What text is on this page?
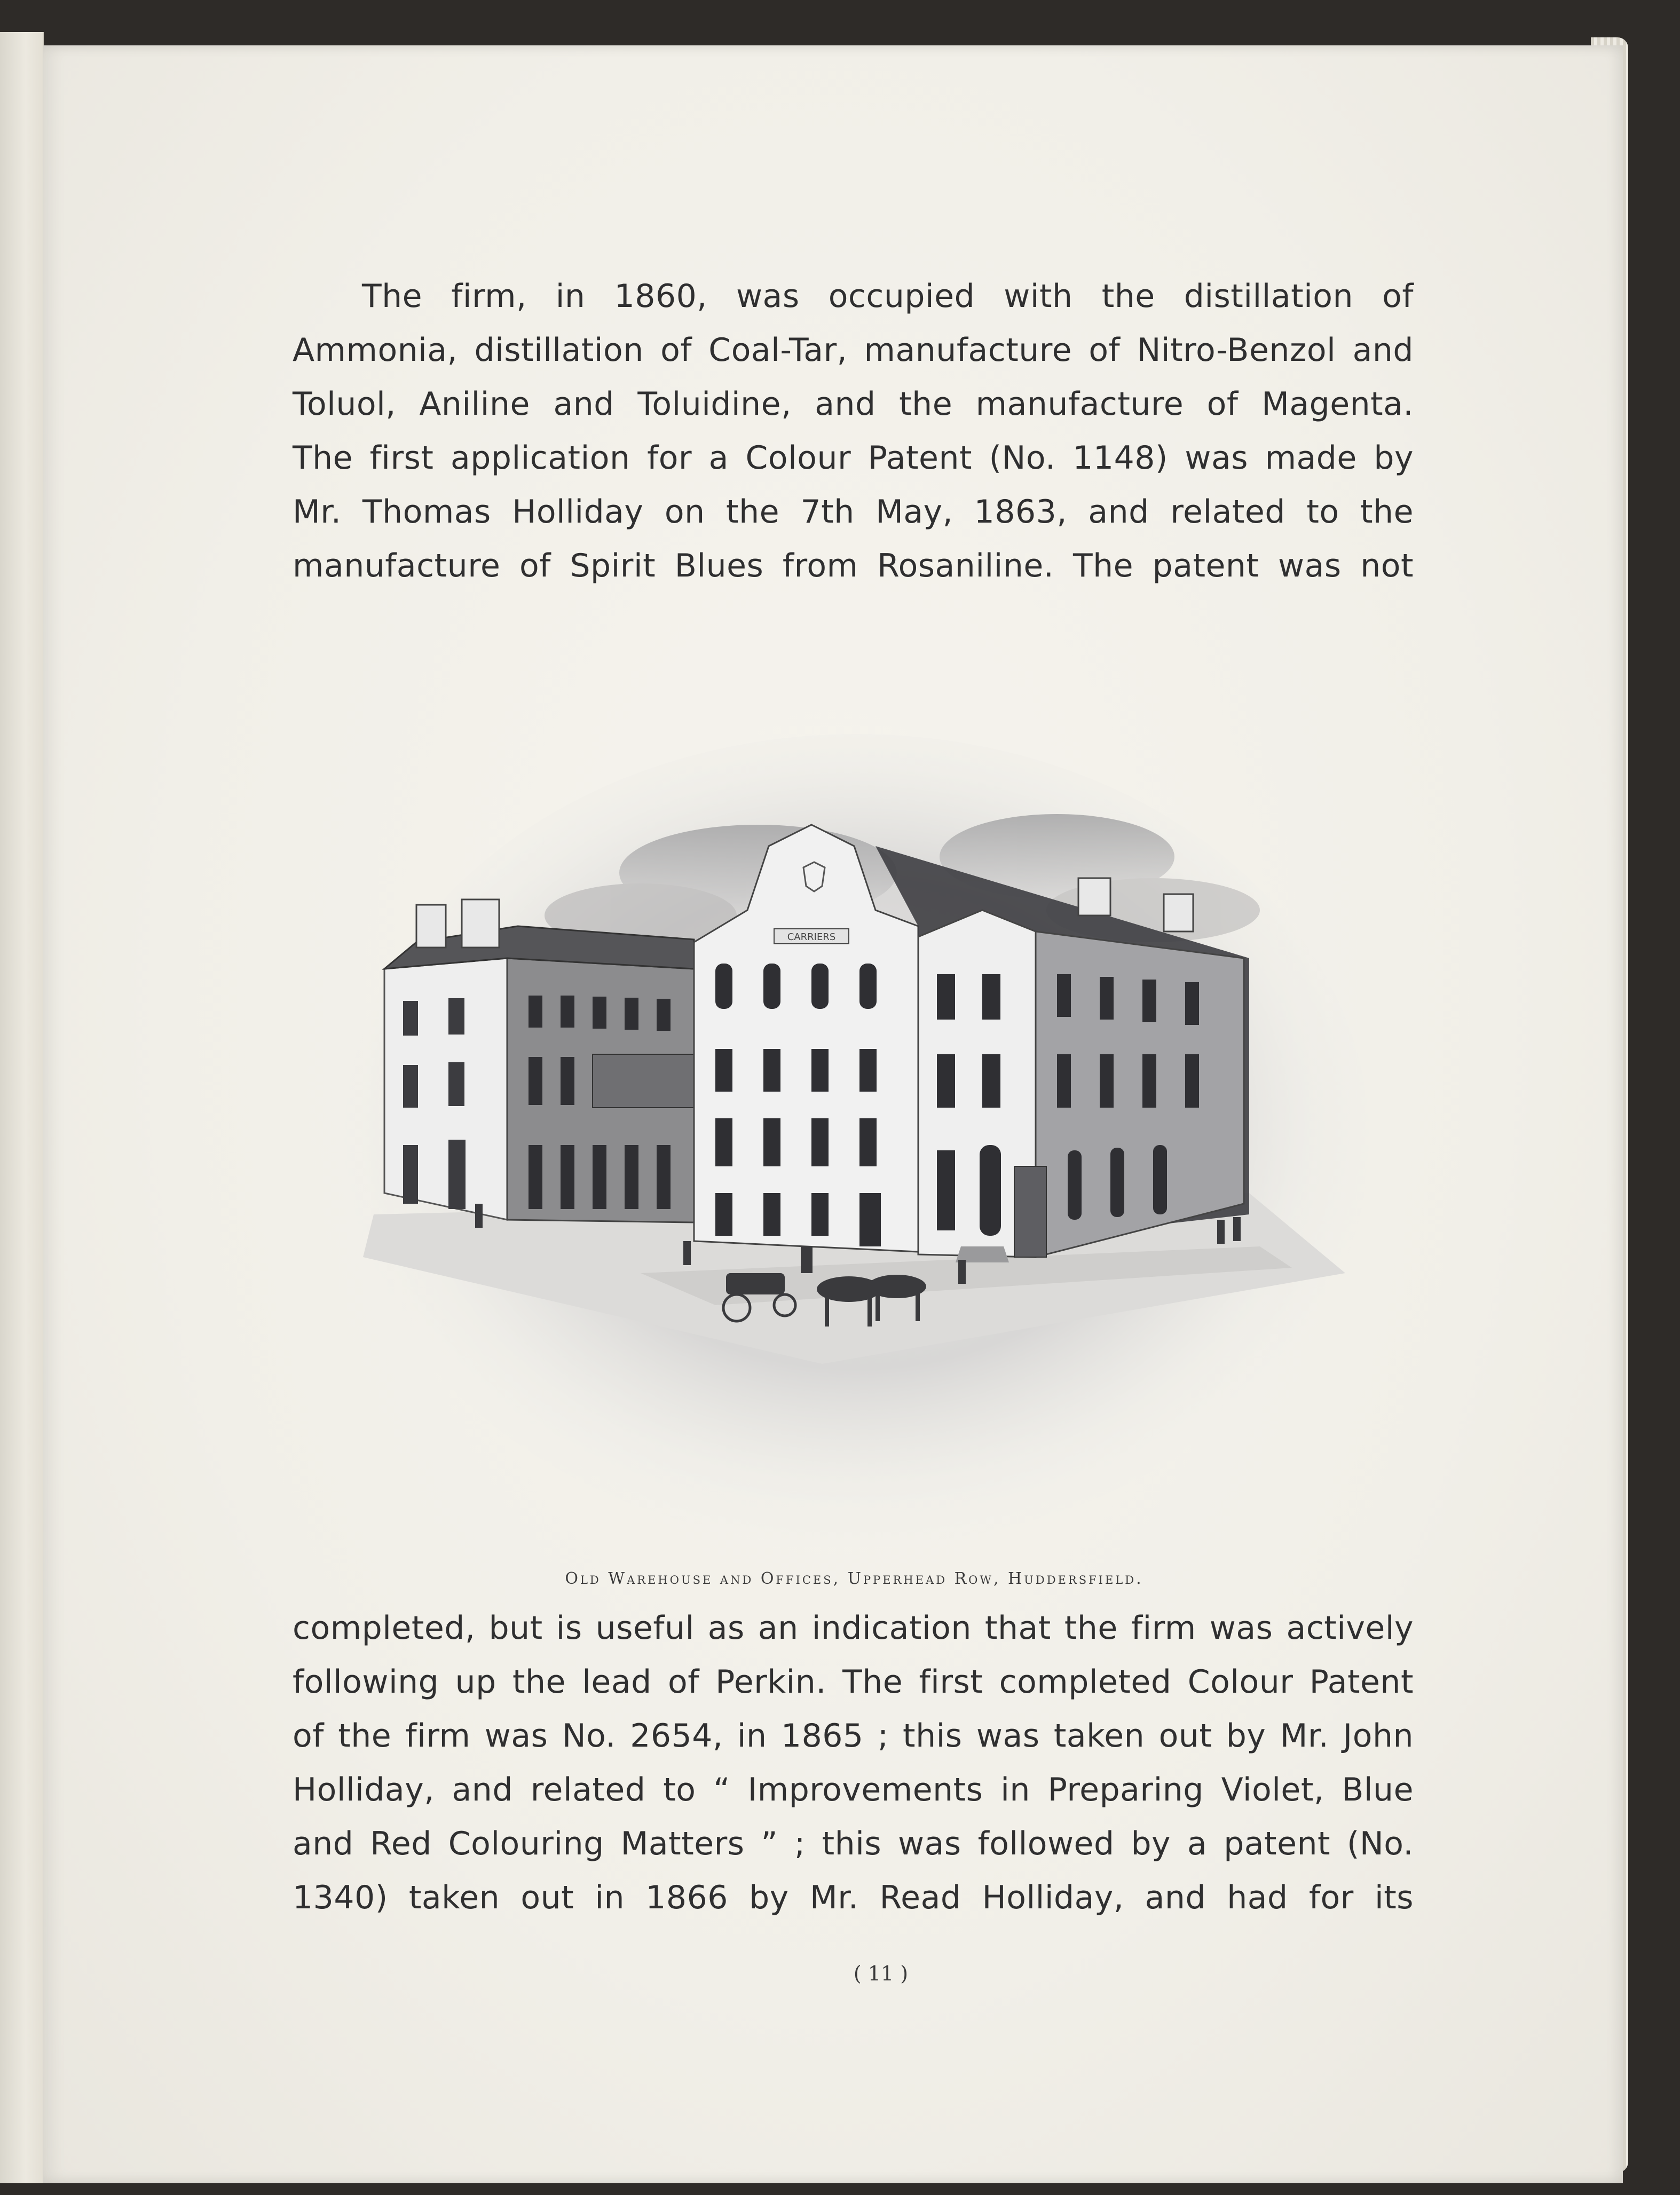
The firm, in 1860, was occupied with the distillation of
Ammonia, distillation of Coal-Tar, manufacture of Nitro-Benzol and
Toluol, Aniline and Toluidine, and the manufacture of Magenta.
The first application for a Colour Patent (No. 1148) was made by
Mr. Thomas Holliday on the 7th May, 1863, and related to the
manufacture of Spirit Blues from Rosaniline. The patent was not
CARRIERS
Old Warehouse and Offices, Upperhead Row, Huddersfield.
completed, but is useful as an indication that the firm was actively
following up the lead of Perkin. The first completed Colour Patent
of the firm was No. 2654, in 1865 ; this was taken out by Mr. John
Holliday, and related to “ Improvements in Preparing Violet, Blue
and Red Colouring Matters ” ; this was followed by a patent (No.
1340) taken out in 1866 by Mr. Read Holliday, and had for its
( 11 )
